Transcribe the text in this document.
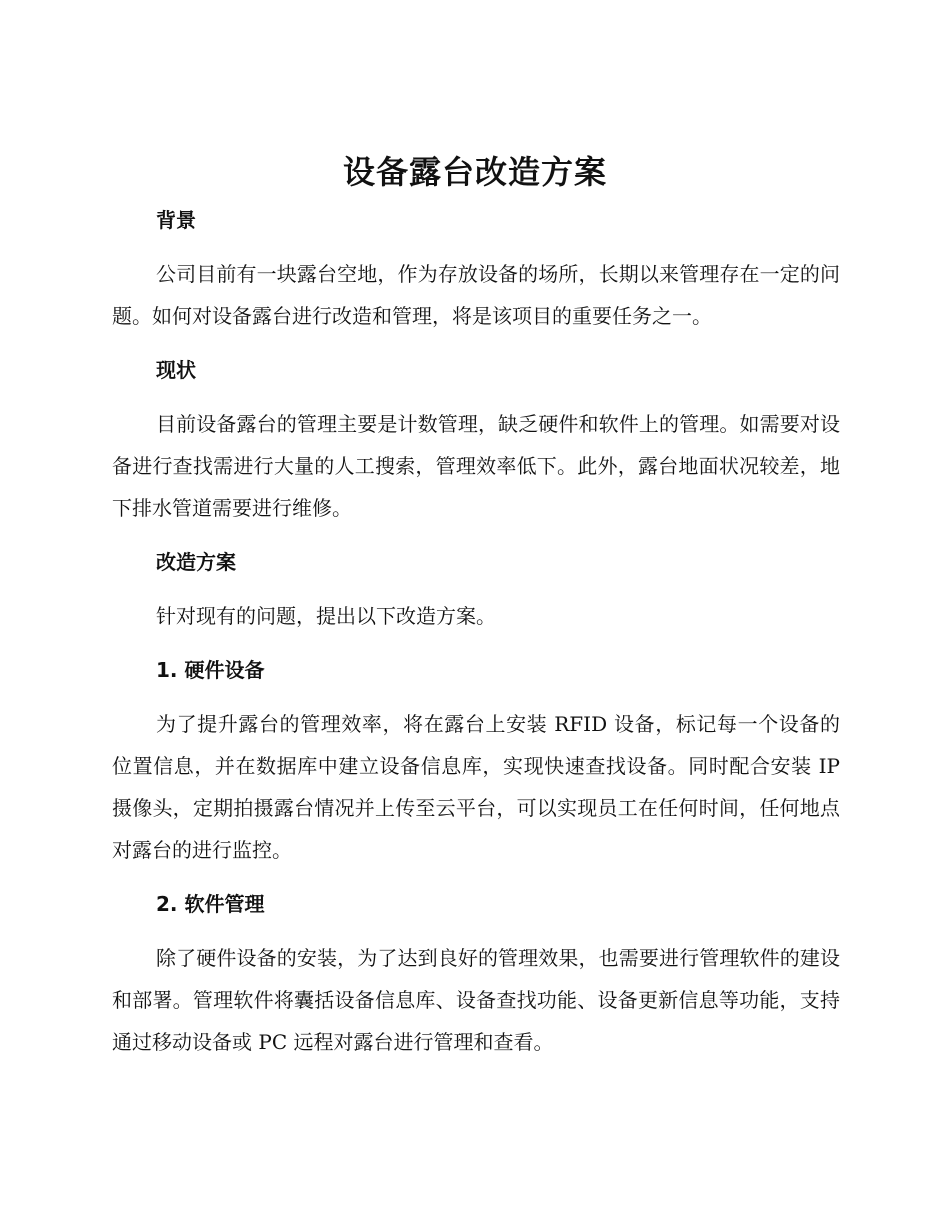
设备露台改造方案
背景

公司目前有一块露台空地，作为存放设备的场所，长期以来管理存在一定的问题。如何对设备露台进行改造和管理，将是该项目的重要任务之一。

现状

目前设备露台的管理主要是计数管理，缺乏硬件和软件上的管理。如需要对设备进行查找需进行大量的人工搜索，管理效率低下。此外，露台地面状况较差，地下排水管道需要进行维修。

改造方案

针对现有的问题，提出以下改造方案。

1. 硬件设备

为了提升露台的管理效率，将在露台上安装 RFID 设备，标记每一个设备的位置信息，并在数据库中建立设备信息库，实现快速查找设备。同时配合安装 IP 摄像头，定期拍摄露台情况并上传至云平台，可以实现员工在任何时间，任何地点对露台的进行监控。

2. 软件管理

除了硬件设备的安装，为了达到良好的管理效果，也需要进行管理软件的建设和部署。管理软件将囊括设备信息库、设备查找功能、设备更新信息等功能，支持通过移动设备或 PC 远程对露台进行管理和查看。
